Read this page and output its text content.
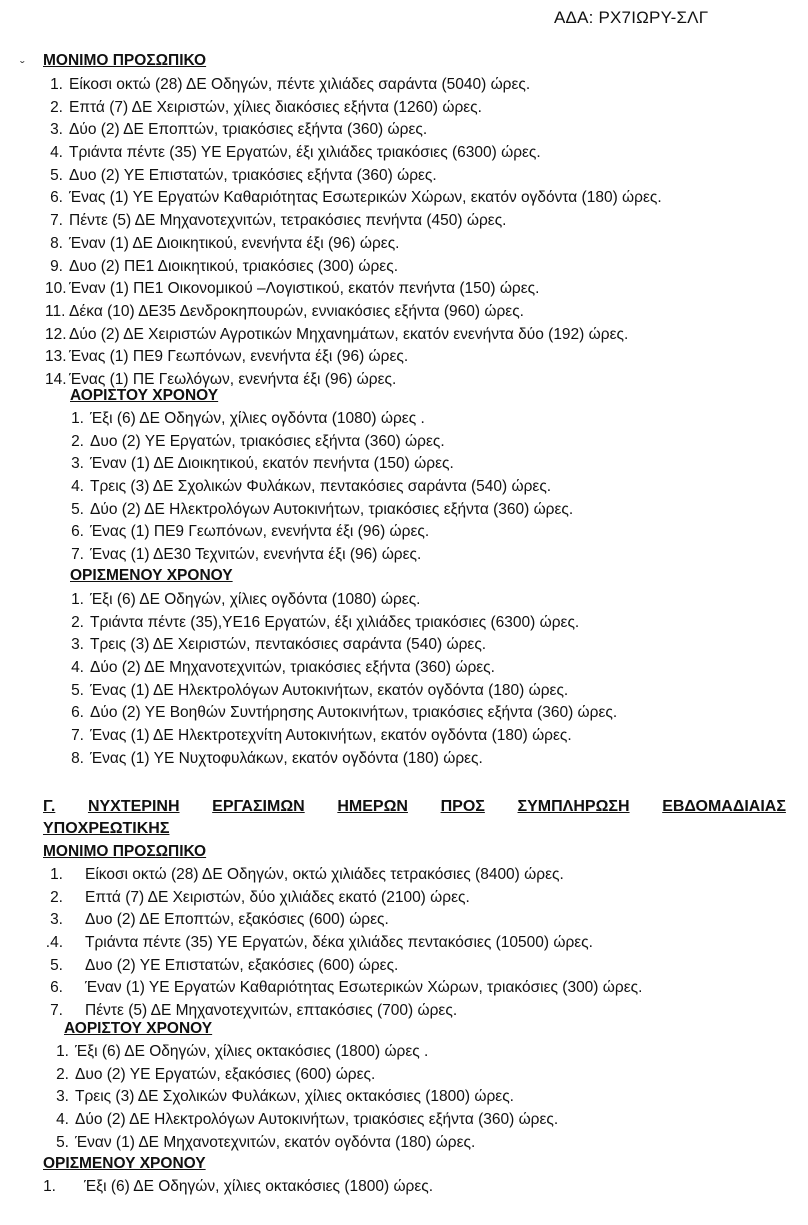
ΑΔΑ: ΡΧ7ΙΩΡΥ-ΣΛΓ
ˇ ΜΟΝΙΜΟ ΠΡΟΣΩΠΙΚΟ
1. Είκοσι οκτώ (28) ΔΕ Οδηγών, πέντε χιλιάδες σαράντα (5040) ώρες.
2. Επτά (7) ΔΕ Χειριστών, χίλιες διακόσιες εξήντα (1260) ώρες.
3. Δύο (2) ΔΕ Εποπτών, τριακόσιες εξήντα (360) ώρες.
4. Τριάντα πέντε (35) ΥΕ Εργατών, έξι χιλιάδες τριακόσιες (6300) ώρες.
5. Δυο (2) ΥΕ Επιστατών, τριακόσιες εξήντα (360) ώρες.
6. Ένας (1) ΥΕ Εργατών Καθαριότητας Εσωτερικών Χώρων, εκατόν ογδόντα (180) ώρες.
7. Πέντε (5) ΔΕ Μηχανοτεχνιτών, τετρακόσιες πενήντα (450) ώρες.
8. Έναν (1) ΔΕ Διοικητικού, ενενήντα έξι (96) ώρες.
9. Δυο (2) ΠΕ1 Διοικητικού, τριακόσιες (300) ώρες.
10. Έναν (1) ΠΕ1 Οικονομικού –Λογιστικού, εκατόν πενήντα (150) ώρες.
11. Δέκα (10) ΔΕ35 Δενδροκηπουρών, εννιακόσιες εξήντα (960) ώρες.
12. Δύο (2) ΔΕ Χειριστών Αγροτικών Μηχανημάτων, εκατόν ενενήντα δύο (192) ώρες.
13. Ένας (1) ΠΕ9 Γεωπόνων, ενενήντα έξι (96) ώρες.
14. Ένας (1) ΠΕ Γεωλόγων, ενενήντα έξι (96) ώρες.
ΑΟΡΙΣΤΟΥ ΧΡΟΝΟΥ
1. Έξι (6) ΔΕ Οδηγών, χίλιες ογδόντα (1080) ώρες .
2. Δυο (2) ΥΕ Εργατών, τριακόσιες εξήντα (360) ώρες.
3. Έναν (1) ΔΕ Διοικητικού, εκατόν πενήντα (150) ώρες.
4. Τρεις (3) ΔΕ Σχολικών Φυλάκων, πεντακόσιες σαράντα (540) ώρες.
5. Δύο (2) ΔΕ Ηλεκτρολόγων Αυτοκινήτων, τριακόσιες εξήντα (360) ώρες.
6. Ένας (1) ΠΕ9 Γεωπόνων, ενενήντα έξι (96) ώρες.
7. Ένας (1) ΔΕ30 Τεχνιτών, ενενήντα έξι (96) ώρες.
ΟΡΙΣΜΕΝΟΥ ΧΡΟΝΟΥ
1. Έξι (6) ΔΕ Οδηγών, χίλιες ογδόντα (1080) ώρες.
2. Τριάντα πέντε (35),ΥΕ16 Εργατών, έξι χιλιάδες τριακόσιες (6300) ώρες.
3. Τρεις (3) ΔΕ Χειριστών, πεντακόσιες σαράντα (540) ώρες.
4. Δύο (2) ΔΕ Μηχανοτεχνιτών, τριακόσιες εξήντα (360) ώρες.
5. Ένας (1) ΔΕ Ηλεκτρολόγων Αυτοκινήτων, εκατόν ογδόντα (180) ώρες.
6. Δύο (2) ΥΕ Βοηθών Συντήρησης Αυτοκινήτων, τριακόσιες εξήντα (360) ώρες.
7. Ένας (1) ΔΕ Ηλεκτροτεχνίτη Αυτοκινήτων, εκατόν ογδόντα (180) ώρες.
8. Ένας (1) ΥΕ Νυχτοφυλάκων, εκατόν ογδόντα (180) ώρες.
Γ. ΝΥΧΤΕΡΙΝΗ ΕΡΓΑΣΙΜΩΝ ΗΜΕΡΩΝ ΠΡΟΣ ΣΥΜΠΛΗΡΩΣΗ ΕΒΔΟΜΑΔΙΑΙΑΣ
ΥΠΟΧΡΕΩΤΙΚΗΣ
ΜΟΝΙΜΟ ΠΡΟΣΩΠΙΚΟ
1.	Είκοσι οκτώ (28) ΔΕ Οδηγών, οκτώ χιλιάδες τετρακόσιες (8400) ώρες.
2.	Επτά (7) ΔΕ Χειριστών, δύο χιλιάδες εκατό (2100) ώρες.
3.	Δυο (2) ΔΕ Εποπτών, εξακόσιες (600) ώρες.
.4.	Τριάντα πέντε (35) ΥΕ Εργατών, δέκα χιλιάδες πεντακόσιες (10500) ώρες.
5.	Δυο (2) ΥΕ Επιστατών, εξακόσιες (600) ώρες.
6.	Έναν (1) ΥΕ Εργατών Καθαριότητας Εσωτερικών Χώρων, τριακόσιες (300) ώρες.
7.	Πέντε (5) ΔΕ Μηχανοτεχνιτών, επτακόσιες (700) ώρες.
ΑΟΡΙΣΤΟΥ ΧΡΟΝΟΥ
1. Έξι (6) ΔΕ Οδηγών, χίλιες οκτακόσιες (1800) ώρες .
2. Δυο (2) ΥΕ Εργατών, εξακόσιες (600) ώρες.
3. Τρεις (3) ΔΕ Σχολικών Φυλάκων, χίλιες οκτακόσιες (1800) ώρες.
4. Δύο (2) ΔΕ Ηλεκτρολόγων Αυτοκινήτων, τριακόσιες εξήντα (360) ώρες.
5. Έναν (1) ΔΕ Μηχανοτεχνιτών, εκατόν ογδόντα (180) ώρες.
ΟΡΙΣΜΕΝΟΥ ΧΡΟΝΟΥ
1.	Έξι (6) ΔΕ Οδηγών, χίλιες οκτακόσιες (1800) ώρες.
